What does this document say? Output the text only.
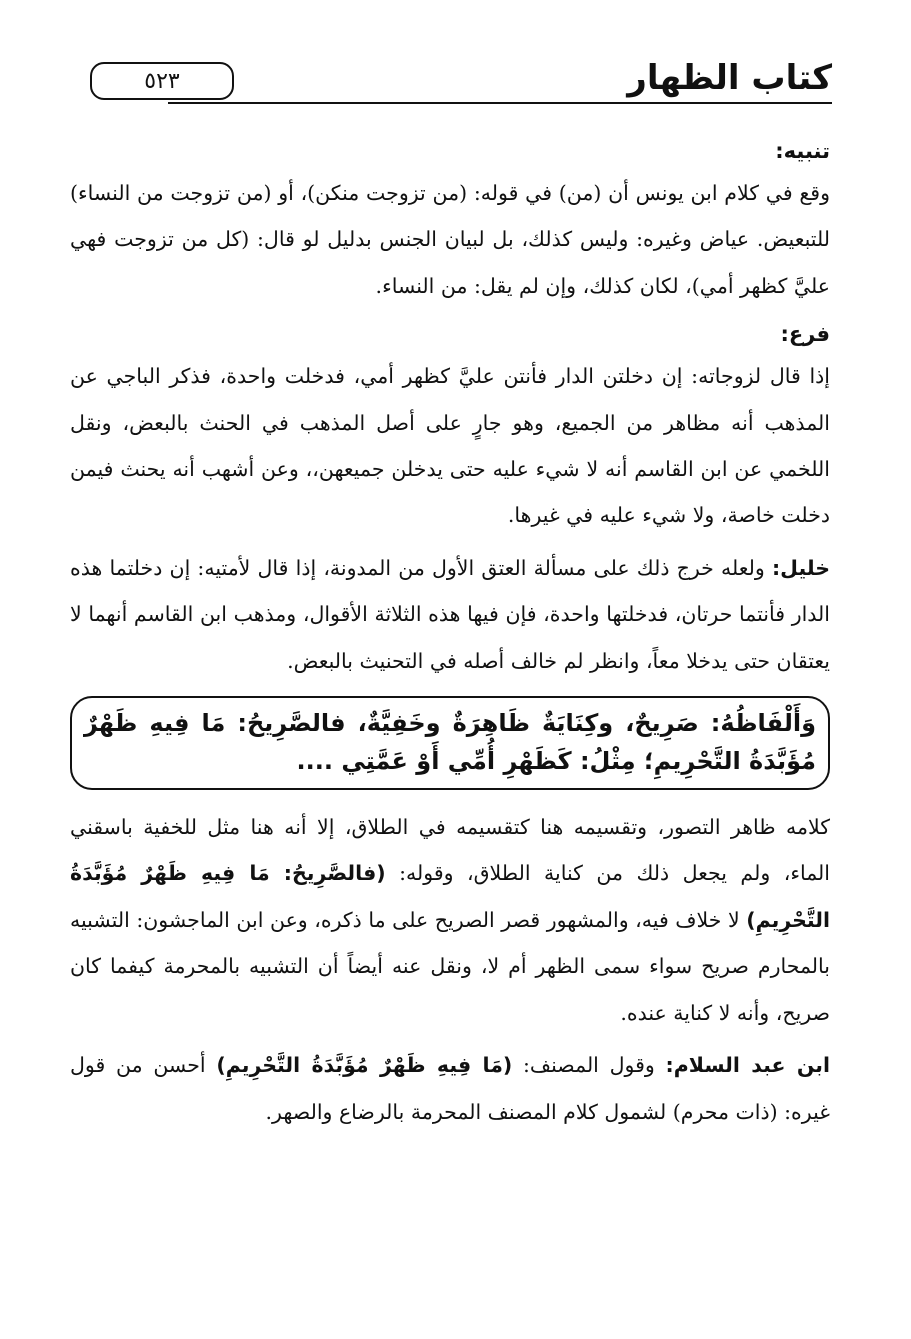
٥٢٣	كتاب الظهار
تنبيه:

وقع في كلام ابن يونس أن (من) في قوله: (من تزوجت منكن)، أو (من تزوجت من النساء) للتبعيض. عياض وغيره: وليس كذلك، بل لبيان الجنس بدليل لو قال: (كل من تزوجت فهي عليَّ كظهر أمي)، لكان كذلك، وإن لم يقل: من النساء.

فرع:

إذا قال لزوجاته: إن دخلتن الدار فأنتن عليَّ كظهر أمي، فدخلت واحدة، فذكر الباجي عن المذهب أنه مظاهر من الجميع، وهو جارٍ على أصل المذهب في الحنث بالبعض، ونقل اللخمي عن ابن القاسم أنه لا شيء عليه حتى يدخلن جميعهن،، وعن أشهب أنه يحنث فيمن دخلت خاصة، ولا شيء عليه في غيرها.

خليل: ولعله خرج ذلك على مسألة العتق الأول من المدونة، إذا قال لأمتيه: إن دخلتما هذه الدار فأنتما حرتان، فدخلتها واحدة، فإن فيها هذه الثلاثة الأقوال، ومذهب ابن القاسم أنهما لا يعتقان حتى يدخلا معاً، وانظر لم خالف أصله في التحنيث بالبعض.

وَأَلْفَاظُهُ: صَرِيحٌ، وكِنَايَةٌ ظَاهِرَةٌ وخَفِيَّةٌ، فالصَّرِيحُ: مَا فِيهِ ظَهْرٌ مُؤَبَّدَةُ التَّحْرِيمِ؛ مِثْلُ: كَظَهْرِ أُمِّي أَوْ عَمَّتِي ....

كلامه ظاهر التصور، وتقسيمه هنا كتقسيمه في الطلاق، إلا أنه هنا مثل للخفية باسقني الماء، ولم يجعل ذلك من كناية الطلاق، وقوله: (فالصَّرِيحُ: مَا فِيهِ ظَهْرٌ مُؤَبَّدَةُ التَّحْرِيمِ) لا خلاف فيه، والمشهور قصر الصريح على ما ذكره، وعن ابن الماجشون: التشبيه بالمحارم صريح سواء سمى الظهر أم لا، ونقل عنه أيضاً أن التشبيه بالمحرمة كيفما كان صريح، وأنه لا كناية عنده.

ابن عبد السلام: وقول المصنف: (مَا فِيهِ ظَهْرٌ مُؤَبَّدَةُ التَّحْرِيمِ) أحسن من قول غيره: (ذات محرم) لشمول كلام المصنف المحرمة بالرضاع والصهر.
